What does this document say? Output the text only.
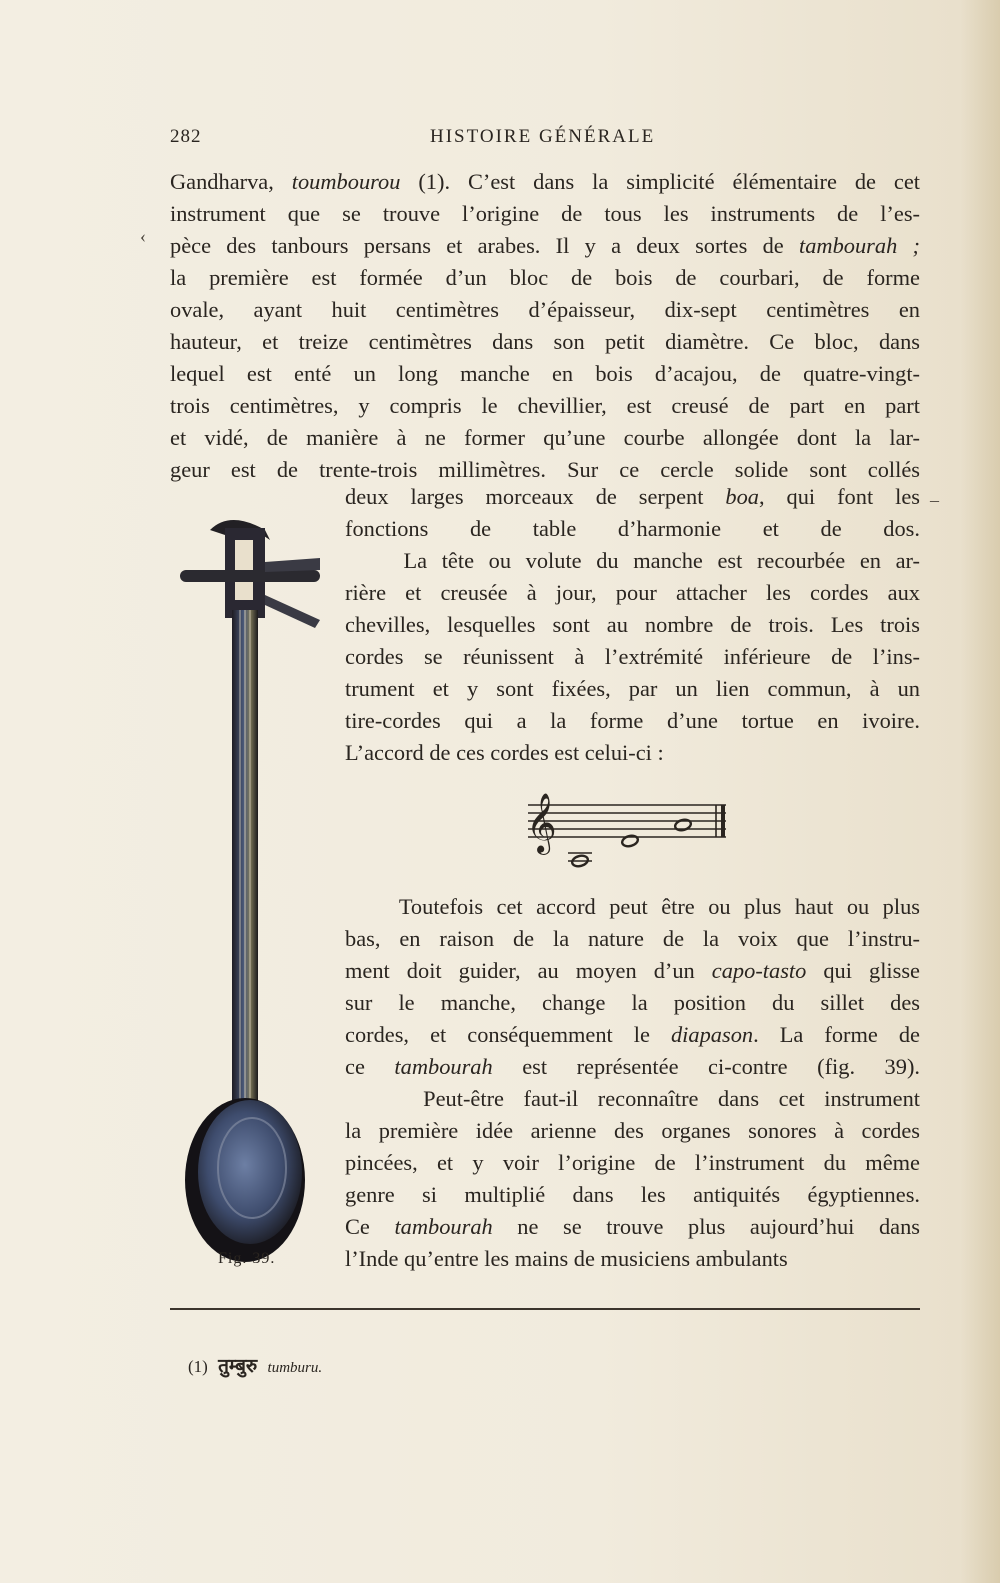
282	HISTOIRE GÉNÉRALE
Gandharva, toumbourou (1). C’est dans la simplicité élémentaire de cet
instrument que se trouve l’origine de tous les instruments de l’es-
pèce des tanbours persans et arabes. Il y a deux sortes de tambourah ;
la première est formée d’un bloc de bois de courbari, de forme
ovale, ayant huit centimètres d’épaisseur, dix-sept centimètres en
hauteur, et treize centimètres dans son petit diamètre. Ce bloc, dans
lequel est enté un long manche en bois d’acajou, de quatre-vingt-
trois centimètres, y compris le chevillier, est creusé de part en part
et vidé, de manière à ne former qu’une courbe allongée dont la lar-
geur est de trente-trois millimètres. Sur ce cercle solide sont collés
deux larges morceaux de serpent boa, qui font les
fonctions de table d’harmonie et de dos.
La tête ou volute du manche est recourbée en ar-
rière et creusée à jour, pour attacher les cordes aux
chevilles, lesquelles sont au nombre de trois. Les trois
cordes se réunissent à l’extrémité inférieure de l’ins-
trument et y sont fixées, par un lien commun, à un
tire-cordes qui a la forme d’une tortue en ivoire.
L’accord de ces cordes est celui-ci :
𝄞
Toutefois cet accord peut être ou plus haut ou plus
bas, en raison de la nature de la voix que l’instru-
ment doit guider, au moyen d’un capo-tasto qui glisse
sur le manche, change la position du sillet des
cordes, et conséquemment le diapason. La forme de
ce tambourah est représentée ci-contre (fig. 39).
Peut-être faut-il reconnaître dans cet instrument
la première idée arienne des organes sonores à cordes
pincées, et y voir l’origine de l’instrument du même
genre si multiplié dans les antiquités égyptiennes.
Ce tambourah ne se trouve plus aujourd’hui dans
l’Inde qu’entre les mains de musiciens ambulants
Fig. 39.
(1) तुम्बुरु tumburu.
‹
–
